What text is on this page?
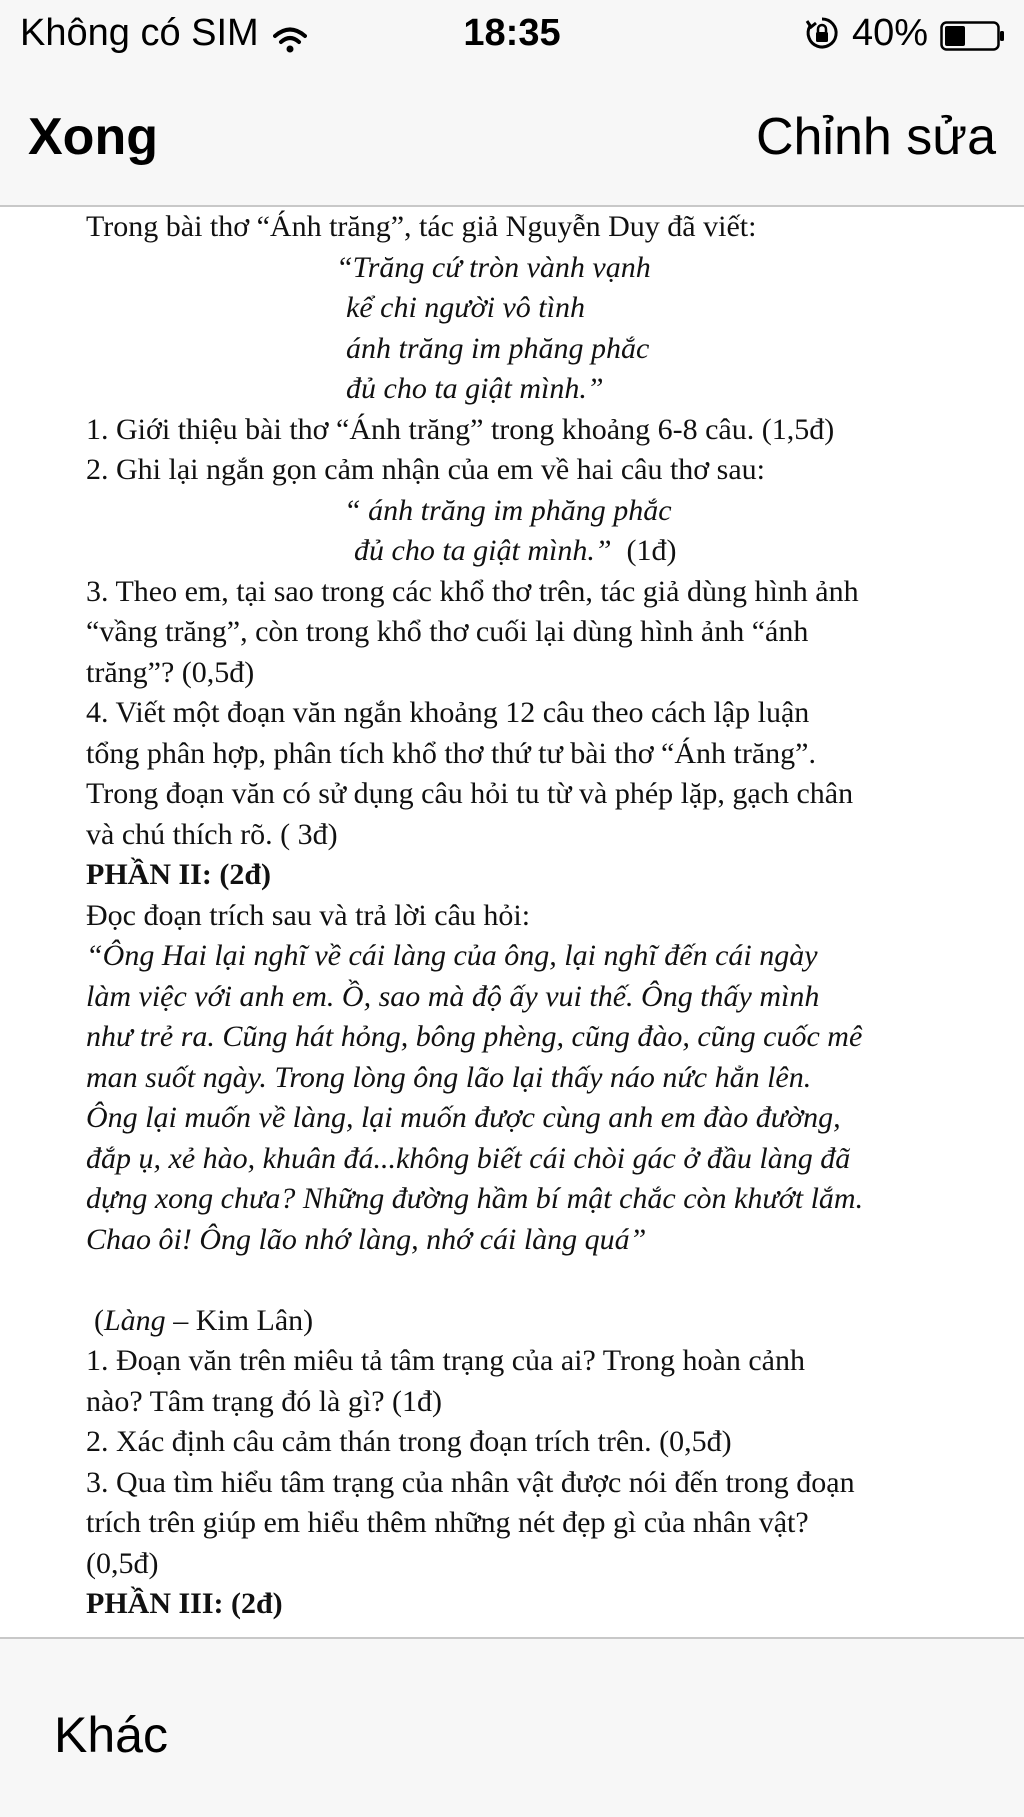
Không có SIM	18:35	40%
Xong	Chỉnh sửa

Trong bài thơ “Ánh trăng”, tác giả Nguyễn Duy đã viết:

“Trăng cứ tròn vành vạnh
kể chi người vô tình
ánh trăng im phăng phắc
đủ cho ta giật mình.”

1. Giới thiệu bài thơ “Ánh trăng” trong khoảng 6-8 câu. (1,5đ)

2. Ghi lại ngắn gọn cảm nhận của em về hai câu thơ sau:

“ ánh trăng im phăng phắc
đủ cho ta giật mình.” (1đ)

3. Theo em, tại sao trong các khổ thơ trên, tác giả dùng hình ảnh

“vầng trăng”, còn trong khổ thơ cuối lại dùng hình ảnh “ánh

trăng”? (0,5đ)

4. Viết một đoạn văn ngắn khoảng 12 câu theo cách lập luận

tổng phân hợp, phân tích khổ thơ thứ tư bài thơ “Ánh trăng”.

Trong đoạn văn có sử dụng câu hỏi tu từ và phép lặp, gạch chân

và chú thích rõ. ( 3đ)

PHẦN II: (2đ)

Đọc đoạn trích sau và trả lời câu hỏi:

“Ông Hai lại nghĩ về cái làng của ông, lại nghĩ đến cái ngày

làm việc với anh em. Ồ, sao mà độ ấy vui thế. Ông thấy mình

như trẻ ra. Cũng hát hỏng, bông phèng, cũng đào, cũng cuốc mê

man suốt ngày. Trong lòng ông lão lại thấy náo nức hẳn lên.

Ông lại muốn về làng, lại muốn được cùng anh em đào đường,

đắp ụ, xẻ hào, khuân đá...không biết cái chòi gác ở đầu làng đã

dựng xong chưa? Những đường hầm bí mật chắc còn khướt lắm.

Chao ôi! Ông lão nhớ làng, nhớ cái làng quá”

(Làng – Kim Lân)

1. Đoạn văn trên miêu tả tâm trạng của ai? Trong hoàn cảnh

nào? Tâm trạng đó là gì? (1đ)

2. Xác định câu cảm thán trong đoạn trích trên. (0,5đ)

3. Qua tìm hiểu tâm trạng của nhân vật được nói đến trong đoạn

trích trên giúp em hiểu thêm những nét đẹp gì của nhân vật?

(0,5đ)

PHẦN III: (2đ)

Khác
